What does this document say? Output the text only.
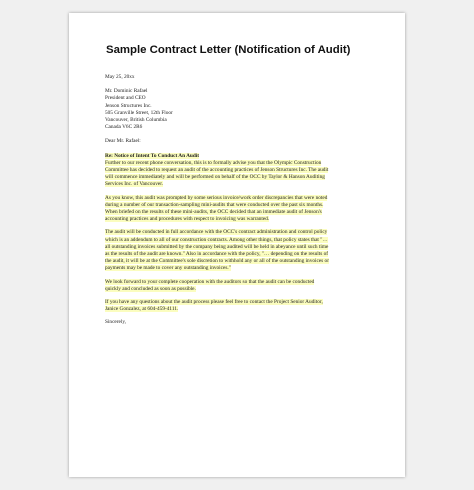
Sample Contract Letter (Notification of Audit)

May 25, 20xx

Mr. Dominic Rafael
President and CEO
Jenson Structures Inc.
505 Granville Street, 12th Floor
Vancouver, British Columbia
Canada V6C 2R6

Dear Mr. Rafael:

Re: Notice of Intent To Conduct An Audit
Further to our recent phone conversation, this is to formally advise you that the Olympic Construction
Committee has decided to request an audit of the accounting practices of Jenson Structures Inc. The audit
will commence immediately and will be performed on behalf of the OCC by Taylor & Hanson Auditing
Services Inc. of Vancouver.
As you know, this audit was prompted by some serious invoice/work order discrepancies that were noted
during a number of our transaction-sampling mini-audits that were conducted over the past six months.
When briefed on the results of these mini-audits, the OCC decided that an immediate audit of Jenson's
accounting practices and procedures with respect to invoicing was warranted.
The audit will be conducted in full accordance with the OCC's contract administration and control policy
which is an addendum to all of our construction contracts. Among other things, that policy states that "…
all outstanding invoices submitted by the company being audited will be held in abeyance until such time
as the results of the audit are known." Also in accordance with the policy, "… depending on the results of
the audit, it will be at the Committee's sole discretion to withhold any or all of the outstanding invoices or
payments may be made to cover any outstanding invoices."
We look forward to your complete cooperation with the auditors so that the audit can be conducted
quickly and concluded as soon as possible.
If you have any questions about the audit process please feel free to contact the Project Senior Auditor,
Janice Gonzalez, at 604-459-4111.

Sincerely,
